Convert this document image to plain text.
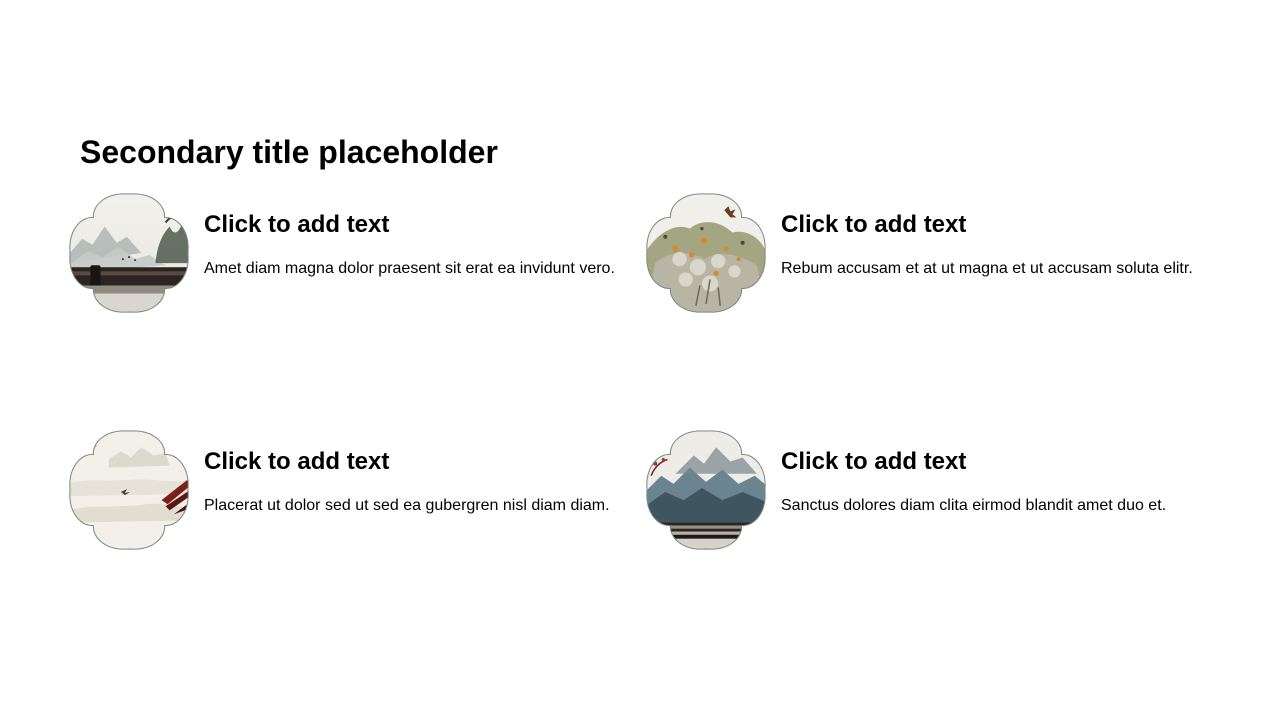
Secondary title placeholder
Click to add text

Amet diam magna dolor praesent sit erat ea invidunt vero.

Click to add text

Rebum accusam et at ut magna et ut accusam soluta elitr.

Click to add text

Placerat ut dolor sed ut sed ea gubergren nisl diam diam.

Click to add text

Sanctus dolores diam clita eirmod blandit amet duo et.
